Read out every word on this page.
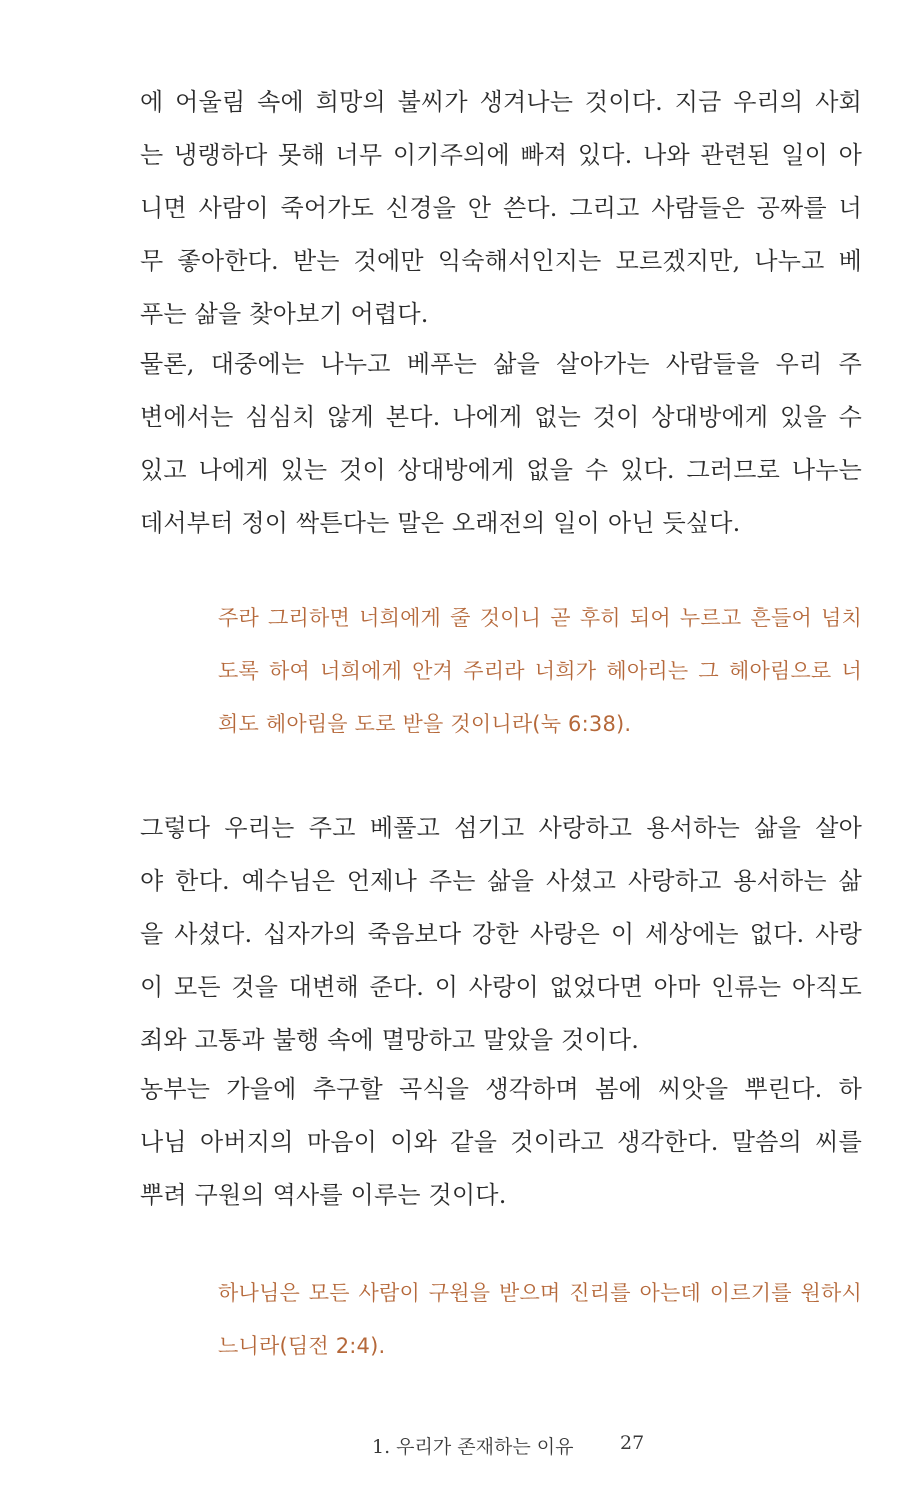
에 어울림 속에 희망의 불씨가 생겨나는 것이다. 지금 우리의 사회
는 냉랭하다 못해 너무 이기주의에 빠져 있다. 나와 관련된 일이 아
니면 사람이 죽어가도 신경을 안 쓴다. 그리고 사람들은 공짜를 너
무 좋아한다. 받는 것에만 익숙해서인지는 모르겠지만, 나누고 베
푸는 삶을 찾아보기 어렵다.
물론, 대중에는 나누고 베푸는 삶을 살아가는 사람들을 우리 주
변에서는 심심치 않게 본다. 나에게 없는 것이 상대방에게 있을 수
있고 나에게 있는 것이 상대방에게 없을 수 있다. 그러므로 나누는
데서부터 정이 싹튼다는 말은 오래전의 일이 아닌 듯싶다.
주라 그리하면 너희에게 줄 것이니 곧 후히 되어 누르고 흔들어 넘치
도록 하여 너희에게 안겨 주리라 너희가 헤아리는 그 헤아림으로 너
희도 헤아림을 도로 받을 것이니라(눅 6:38).
그렇다 우리는 주고 베풀고 섬기고 사랑하고 용서하는 삶을 살아
야 한다. 예수님은 언제나 주는 삶을 사셨고 사랑하고 용서하는 삶
을 사셨다. 십자가의 죽음보다 강한 사랑은 이 세상에는 없다. 사랑
이 모든 것을 대변해 준다. 이 사랑이 없었다면 아마 인류는 아직도
죄와 고통과 불행 속에 멸망하고 말았을 것이다.
농부는 가을에 추구할 곡식을 생각하며 봄에 씨앗을 뿌린다. 하
나님 아버지의 마음이 이와 같을 것이라고 생각한다. 말씀의 씨를
뿌려 구원의 역사를 이루는 것이다.
하나님은 모든 사람이 구원을 받으며 진리를 아는데 이르기를 원하시
느니라(딤전 2:4).
1. 우리가 존재하는 이유 27
